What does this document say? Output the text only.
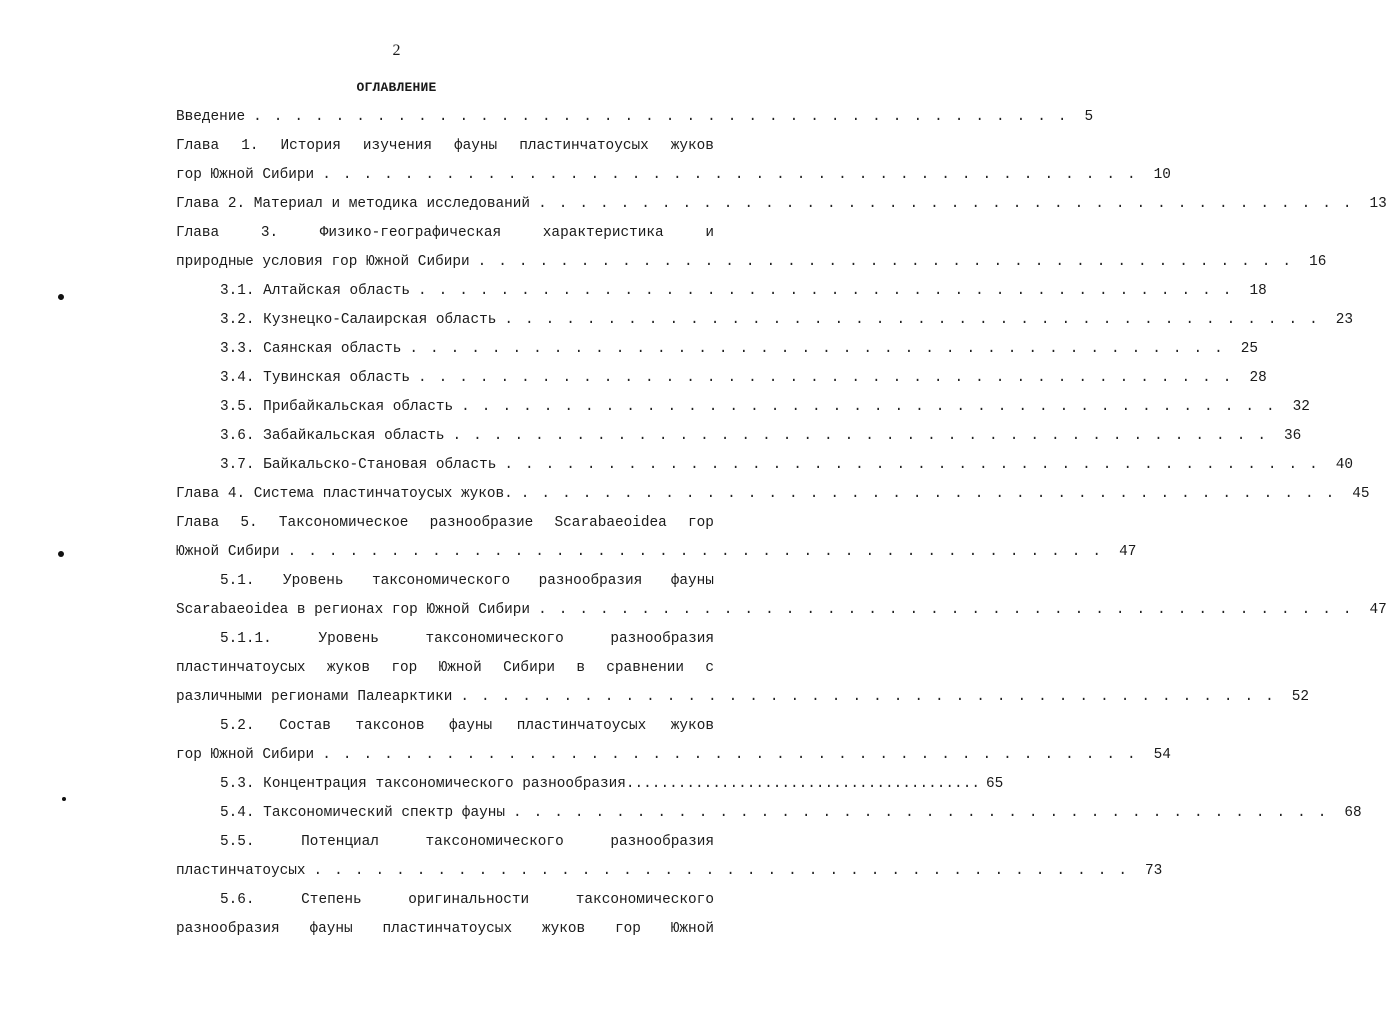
2
ОГЛАВЛЕНИЕ
Введение ........................................ 5
Глава 1. История изучения фауны пластинчатоусых жуков
гор Южной Сибири ........................................ 10
Глава 2. Материал и методика исследований ........................................ 13
Глава	3.	Физико-географическая	характеристика	и
природные условия гор Южной Сибири ........................................ 16
3.1. Алтайская область ........................................ 18
3.2. Кузнецко-Салаирская область ........................................ 23
3.3. Саянская область ........................................ 25
3.4. Тувинская область ........................................ 28
3.5. Прибайкальская область ........................................ 32
3.6. Забайкальская область ........................................ 36
3.7. Байкальско-Становая область ........................................ 40
Глава 4. Система пластинчатоусых жуков. ........................................ 45
Глава 5. Таксономическое разнообразие Scarabaeoidea гор
Южной Сибири ........................................ 47
5.1. Уровень таксономического разнообразия фауны
Scarabaeoidea в регионах гор Южной Сибири ........................................ 47
5.1.1.	Уровень	таксономического	разнообразия
пластинчатоусых жуков гор Южной Сибири в сравнении с
различными регионами Палеарктики ........................................ 52
5.2. Состав таксонов фауны пластинчатоусых жуков
гор Южной Сибири ........................................ 54
5.3. Концентрация таксономического разнообразия. ........................................ 65
5.4. Таксономический спектр фауны ........................................ 68
5.5.	Потенциал	таксономического	разнообразия
пластинчатоусых ........................................ 73
5.6.	Степень	оригинальности	таксономического
разнообразия фауны пластинчатоусых жуков гор Южной
